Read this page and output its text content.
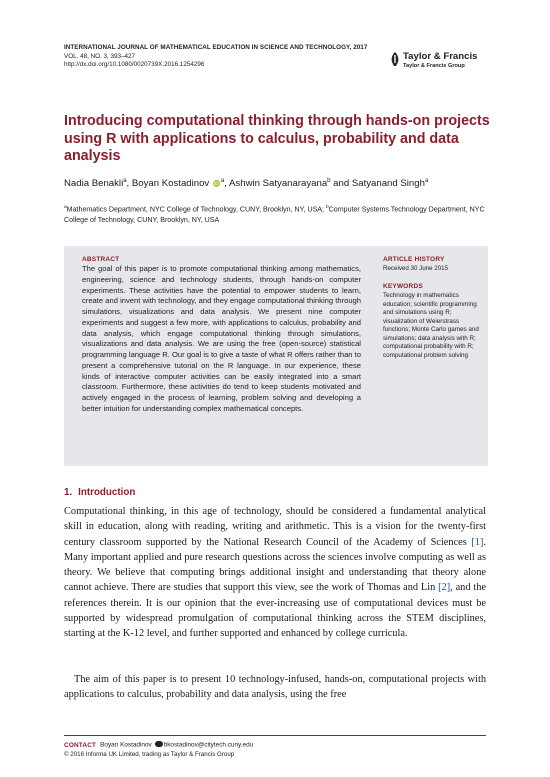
INTERNATIONAL JOURNAL OF MATHEMATICAL EDUCATION IN SCIENCE AND TECHNOLOGY, 2017
VOL. 48, NO. 3, 393–427
http://dx.doi.org/10.1080/0020739X.2016.1254296
Taylor & Francis
Taylor & Francis Group
Introducing computational thinking through hands-on projects using R with applications to calculus, probability and data analysis
Nadia Benakli$^a$, Boyan Kostadinov iD $^a$, Ashwin Satyanarayana$^b$ and Satyanand Singh$^a$
$^a$Mathematics Department, NYC College of Technology, CUNY, Brooklyn, NY, USA; $^b$Computer Systems Technology Department, NYC College of Technology, CUNY, Brooklyn, NY, USA
ABSTRACT

The goal of this paper is to promote computational thinking among mathematics, engineering, science and technology students, through hands-on computer experiments. These activities have the potential to empower students to learn, create and invent with technology, and they engage computational thinking through simulations, visualizations and data analysis. We present nine computer experiments and suggest a few more, with applications to calculus, probability and data analysis, which engage computational thinking through simulations, visualizations and data analysis. We are using the free (open-source) statistical programming language R. Our goal is to give a taste of what R offers rather than to present a comprehensive tutorial on the R language. In our experience, these kinds of interactive computer activities can be easily integrated into a smart classroom. Furthermore, these activities do tend to keep students motivated and actively engaged in the process of learning, problem solving and developing a better intuition for understanding complex mathematical concepts.

ARTICLE HISTORY
Received 30 June 2015
KEYWORDS

Technology in mathematics education; scientific programming and simulations using R; visualization of Weierstrass functions; Monte Carlo games and simulations; data analysis with R; computational probability with R; computational problem solving

1. Introduction

Computational thinking, in this age of technology, should be considered a fundamental analytical skill in education, along with reading, writing and arithmetic. This is a vision for the twenty-first century classroom supported by the National Research Council of the Academy of Sciences [1]. Many important applied and pure research questions across the sciences involve computing as well as theory. We believe that computing brings additional insight and understanding that theory alone cannot achieve. There are studies that support this view, see the work of Thomas and Lin [2], and the references therein. It is our opinion that the ever-increasing use of computational devices must be supported by widespread promulgation of computational thinking across the STEM disciplines, starting at the K-12 level, and further supported and enhanced by college curricula.

The aim of this paper is to present 10 technology-infused, hands-on, computational projects with applications to calculus, probability and data analysis, using the free

CONTACT Boyan Kostadinov bkostadinov@citytech.cuny.edu
© 2016 Informa UK Limited, trading as Taylor & Francis Group
